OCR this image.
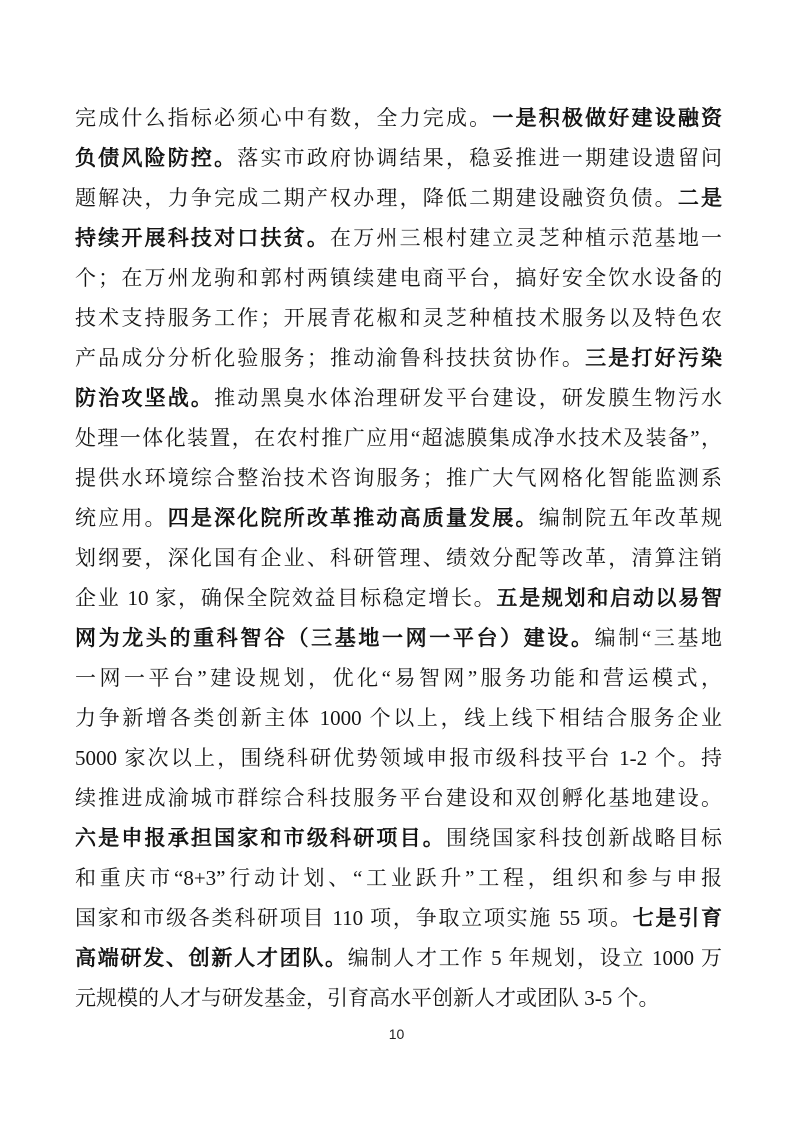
完成什么指标必须心中有数，全力完成。一是积极做好建设融资
负债风险防控。落实市政府协调结果，稳妥推进一期建设遗留问
题解决，力争完成二期产权办理，降低二期建设融资负债。二是
持续开展科技对口扶贫。在万州三根村建立灵芝种植示范基地一
个；在万州龙驹和郭村两镇续建电商平台，搞好安全饮水设备的
技术支持服务工作；开展青花椒和灵芝种植技术服务以及特色农
产品成分分析化验服务；推动渝鲁科技扶贫协作。三是打好污染
防治攻坚战。推动黑臭水体治理研发平台建设，研发膜生物污水
处理一体化装置，在农村推广应用“超滤膜集成净水技术及装备”，
提供水环境综合整治技术咨询服务；推广大气网格化智能监测系
统应用。四是深化院所改革推动高质量发展。编制院五年改革规
划纲要，深化国有企业、科研管理、绩效分配等改革，清算注销
企业 10 家，确保全院效益目标稳定增长。五是规划和启动以易智
网为龙头的重科智谷（三基地一网一平台）建设。编制“三基地
一网一平台”建设规划，优化“易智网”服务功能和营运模式，
力争新增各类创新主体 1000 个以上，线上线下相结合服务企业
5000 家次以上，围绕科研优势领域申报市级科技平台 1-2 个。持
续推进成渝城市群综合科技服务平台建设和双创孵化基地建设。
六是申报承担国家和市级科研项目。围绕国家科技创新战略目标
和重庆市“8+3”行动计划、“工业跃升”工程，组织和参与申报
国家和市级各类科研项目 110 项，争取立项实施 55 项。七是引育
高端研发、创新人才团队。编制人才工作 5 年规划，设立 1000 万
元规模的人才与研发基金，引育高水平创新人才或团队 3-5 个。
10
